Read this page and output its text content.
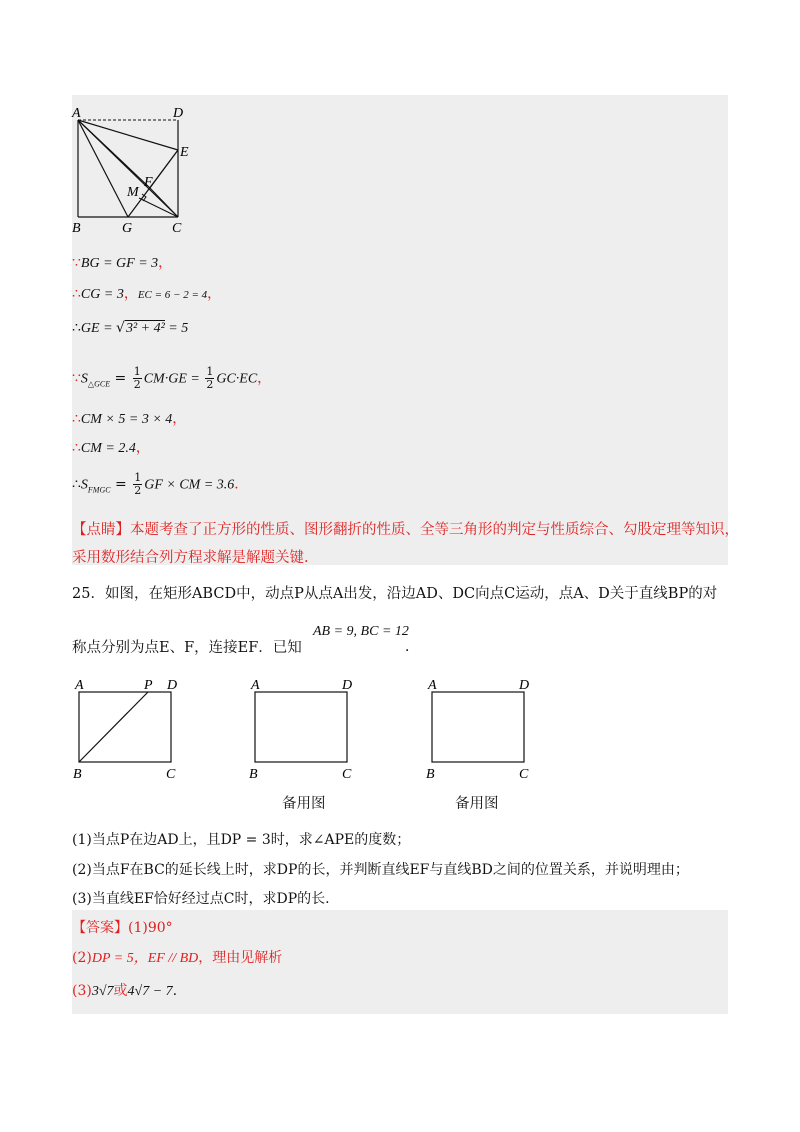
A	D
E
F
M
B	G	C
∵BG = GF = 3，
∴CG = 3，EC = 6 − 2 = 4，
∴GE = √3² + 4² = 5
$\because S_{\triangle GCE} = \frac{1}{2} CM\cdot GE = \frac{1}{2} GC\cdot EC$，
∴CM × 5 = 3 × 4，
∴CM = 2.4，
$\therefore S_{FMGC} = \frac{1}{2}$ GF × CM = 3.6．
【点睛】本题考查了正方形的性质、图形翻折的性质、全等三角形的判定与性质综合、勾股定理等知识，
采用数形结合列方程求解是解题关键.
25．如图，在矩形ABCD中，动点P从点A出发，沿边AD、DC向点C运动，点A、D关于直线BP的对
称点分别为点E、F，连接EF．已知
AB = 9, BC = 12
．
A	P D
B	C
A	D
B	C
备用图
A	D
B	C
备用图
(1)当点P在边AD上，且DP = 3时，求∠APE的度数；
(2)当点F在BC的延长线上时，求DP的长，并判断直线EF与直线BD之间的位置关系，并说明理由；
(3)当直线EF恰好经过点C时，求DP的长.
【答案】(1)90°
(2)DP = 5，EF // BD，理由见解析
(3)3√7或4√7 − 7.
